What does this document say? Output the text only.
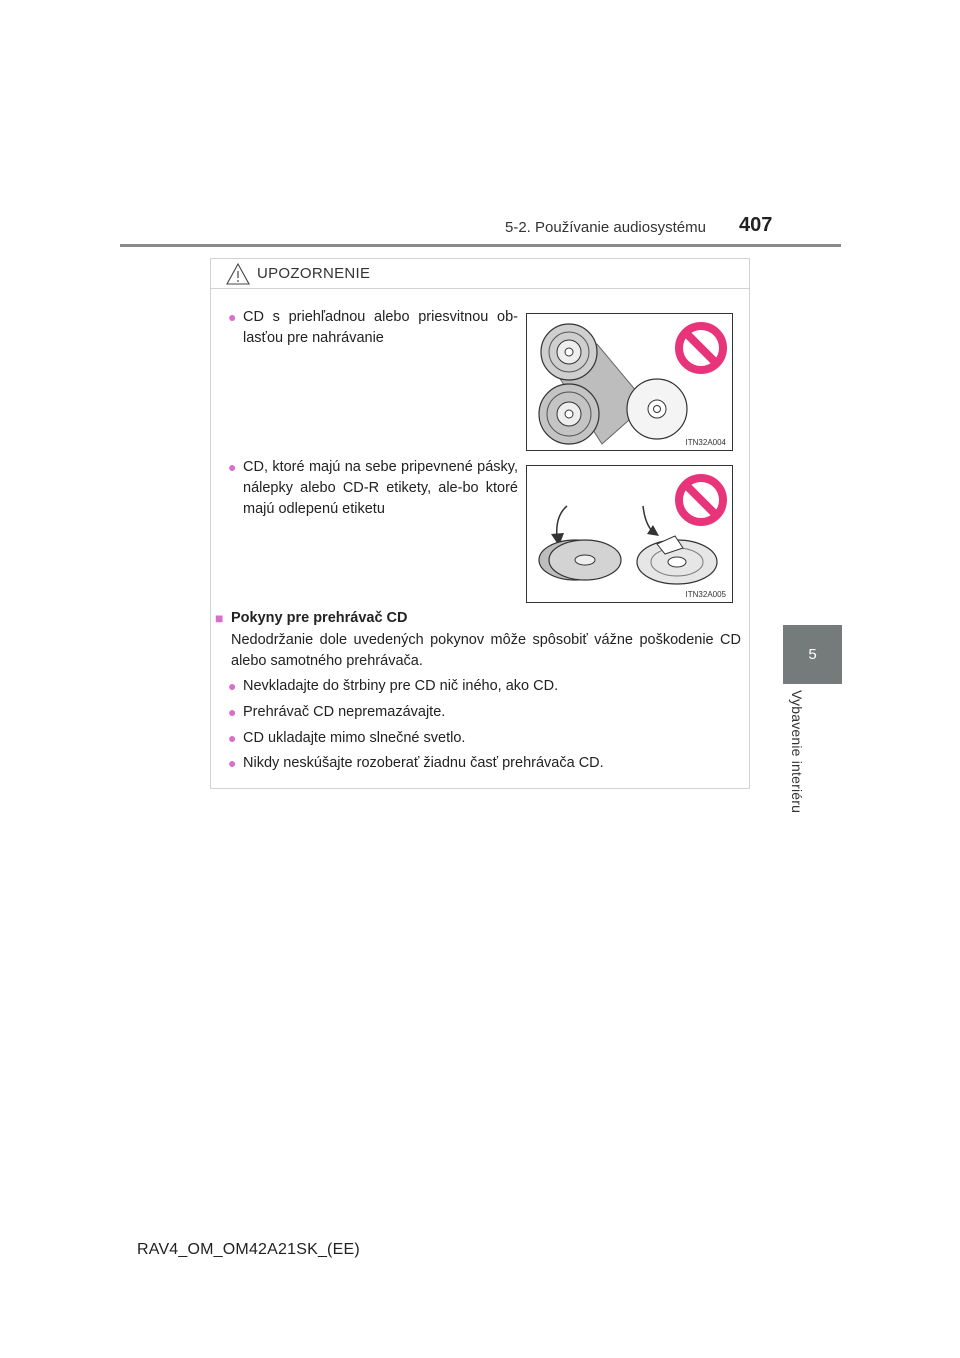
5-2. Používanie audiosystému 407
5
Vybavenie interiéru
UPOZORNENIE
● CD s priehľadnou alebo priesvitnou ob-lasťou pre nahrávanie
ITN32A004
● CD, ktoré majú na sebe pripevnené pásky, nálepky alebo CD-R etikety, ale-bo ktoré majú odlepenú etiketu
ITN32A005
■ Pokyny pre prehrávač CD
Nedodržanie dole uvedených pokynov môže spôsobiť vážne poškodenie CD alebo samotného prehrávača.
● Nevkladajte do štrbiny pre CD nič iného, ako CD.
● Prehrávač CD nepremazávajte.
● CD ukladajte mimo slnečné svetlo.
● Nikdy neskúšajte rozoberať žiadnu časť prehrávača CD.
RAV4_OM_OM42A21SK_(EE)
